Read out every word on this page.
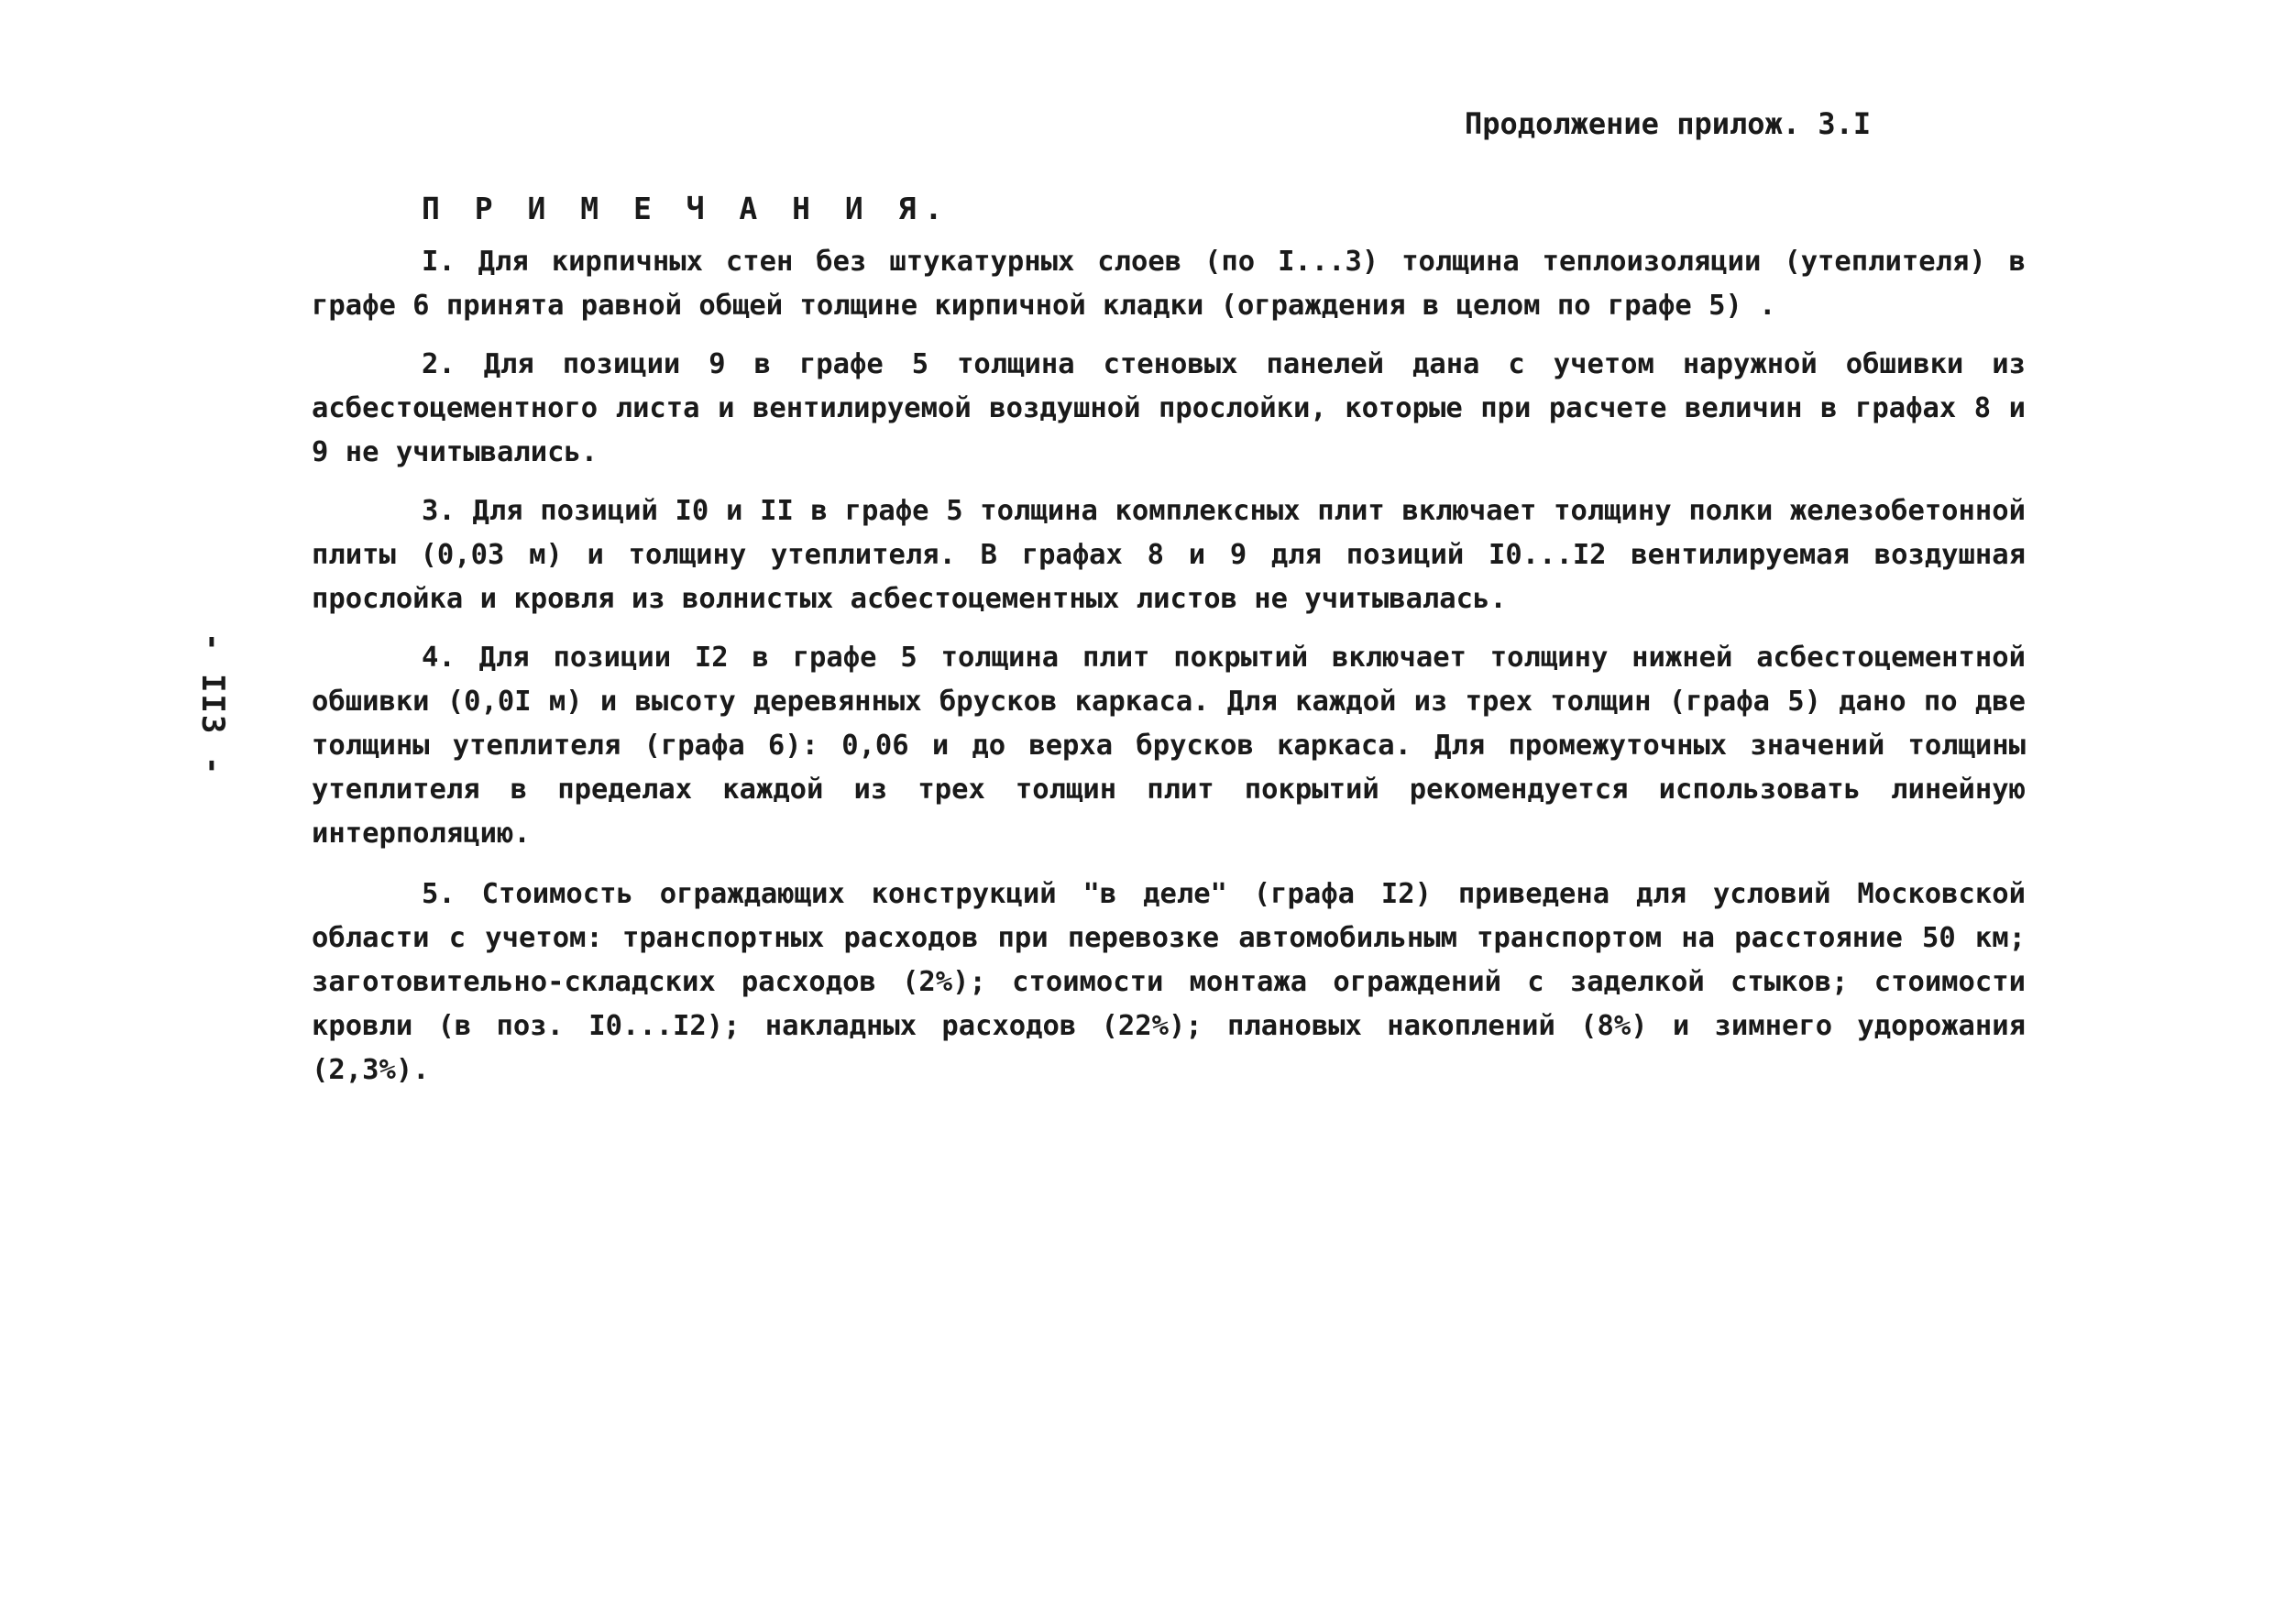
Продолжение прилож. 3.I
- II3 -
П Р И М Е Ч А Н И Я.

I. Для кирпичных стен без штукатурных слоев (по I...3) толщина теплоизоляции (утеплителя) в графе 6 принята равной общей толщине кирпичной кладки (ограждения в целом по графе 5) .

2. Для позиции 9 в графе 5 толщина стеновых панелей дана с учетом наружной обшивки из асбестоцементного листа и вентилируемой воздушной прослойки, которые при расчете величин в графах 8 и 9 не учитывались.

3. Для позиций I0 и II в графе 5 толщина комплексных плит включает толщину полки железобетонной плиты (0,03 м) и толщину утеплителя. В графах 8 и 9 для позиций I0...I2 вентилируемая воздушная прослойка и кровля из волнистых асбестоцементных листов не учитывалась.

4. Для позиции I2 в графе 5 толщина плит покрытий включает толщину нижней асбестоцементной обшивки (0,0I м) и высоту деревянных брусков каркаса. Для каждой из трех толщин (графа 5) дано по две толщины утеплителя (графа 6): 0,06 и до верха брусков каркаса. Для промежуточных значений толщины утеплителя в пределах каждой из трех толщин плит покрытий рекомендуется использовать линейную интерполяцию.

5. Стоимость ограждающих конструкций "в деле" (графа I2) приведена для условий Московской области с учетом: транспортных расходов при перевозке автомобильным транспортом на расстояние 50 км; заготовительно-складских расходов (2%); стоимости монтажа ограждений с заделкой стыков; стоимости кровли (в поз. I0...I2); накладных расходов (22%); плановых накоплений (8%) и зимнего удорожания (2,3%).
